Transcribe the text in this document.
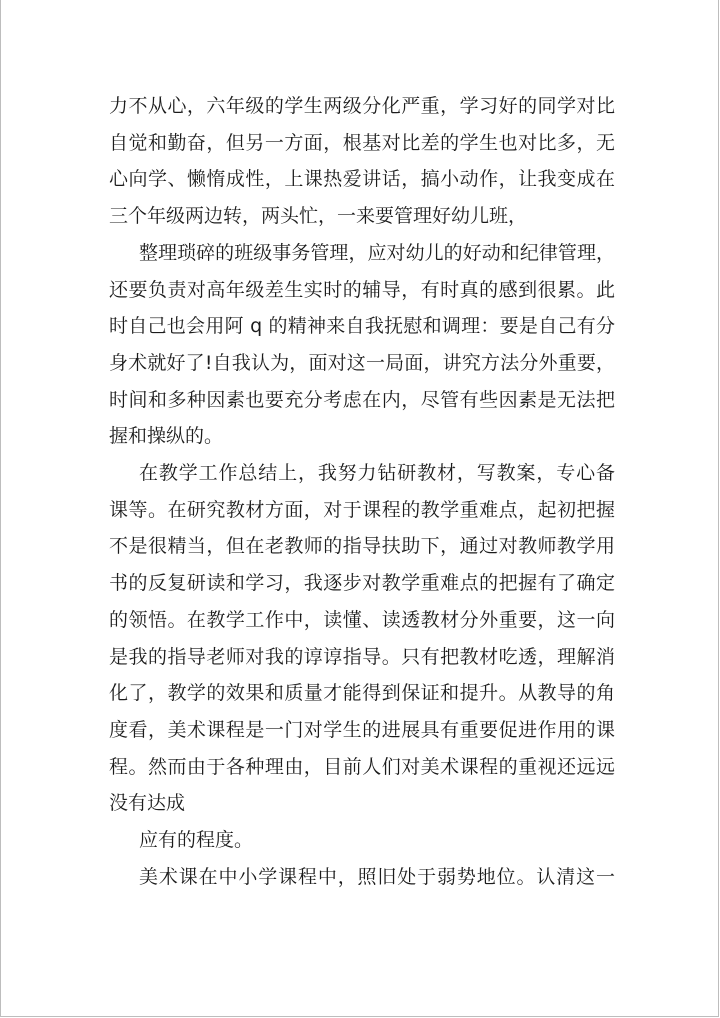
力不从心，六年级的学生两级分化严重，学习好的同学对比
自觉和勤奋，但另一方面，根基对比差的学生也对比多，无
心向学、懒惰成性，上课热爱讲话，搞小动作，让我变成在
三个年级两边转，两头忙，一来要管理好幼儿班，
整理琐碎的班级事务管理，应对幼儿的好动和纪律管理，
还要负责对高年级差生实时的辅导，有时真的感到很累。此
时自己也会用阿 q 的精神来自我抚慰和调理：要是自己有分
身术就好了!自我认为，面对这一局面，讲究方法分外重要，
时间和多种因素也要充分考虑在内，尽管有些因素是无法把
握和操纵的。
在教学工作总结上，我努力钻研教材，写教案，专心备
课等。在研究教材方面，对于课程的教学重难点，起初把握
不是很精当，但在老教师的指导扶助下，通过对教师教学用
书的反复研读和学习，我逐步对教学重难点的把握有了确定
的领悟。在教学工作中，读懂、读透教材分外重要，这一向
是我的指导老师对我的谆谆指导。只有把教材吃透，理解消
化了，教学的效果和质量才能得到保证和提升。从教导的角
度看，美术课程是一门对学生的进展具有重要促进作用的课
程。然而由于各种理由，目前人们对美术课程的重视还远远
没有达成
应有的程度。
美术课在中小学课程中，照旧处于弱势地位。认清这一
